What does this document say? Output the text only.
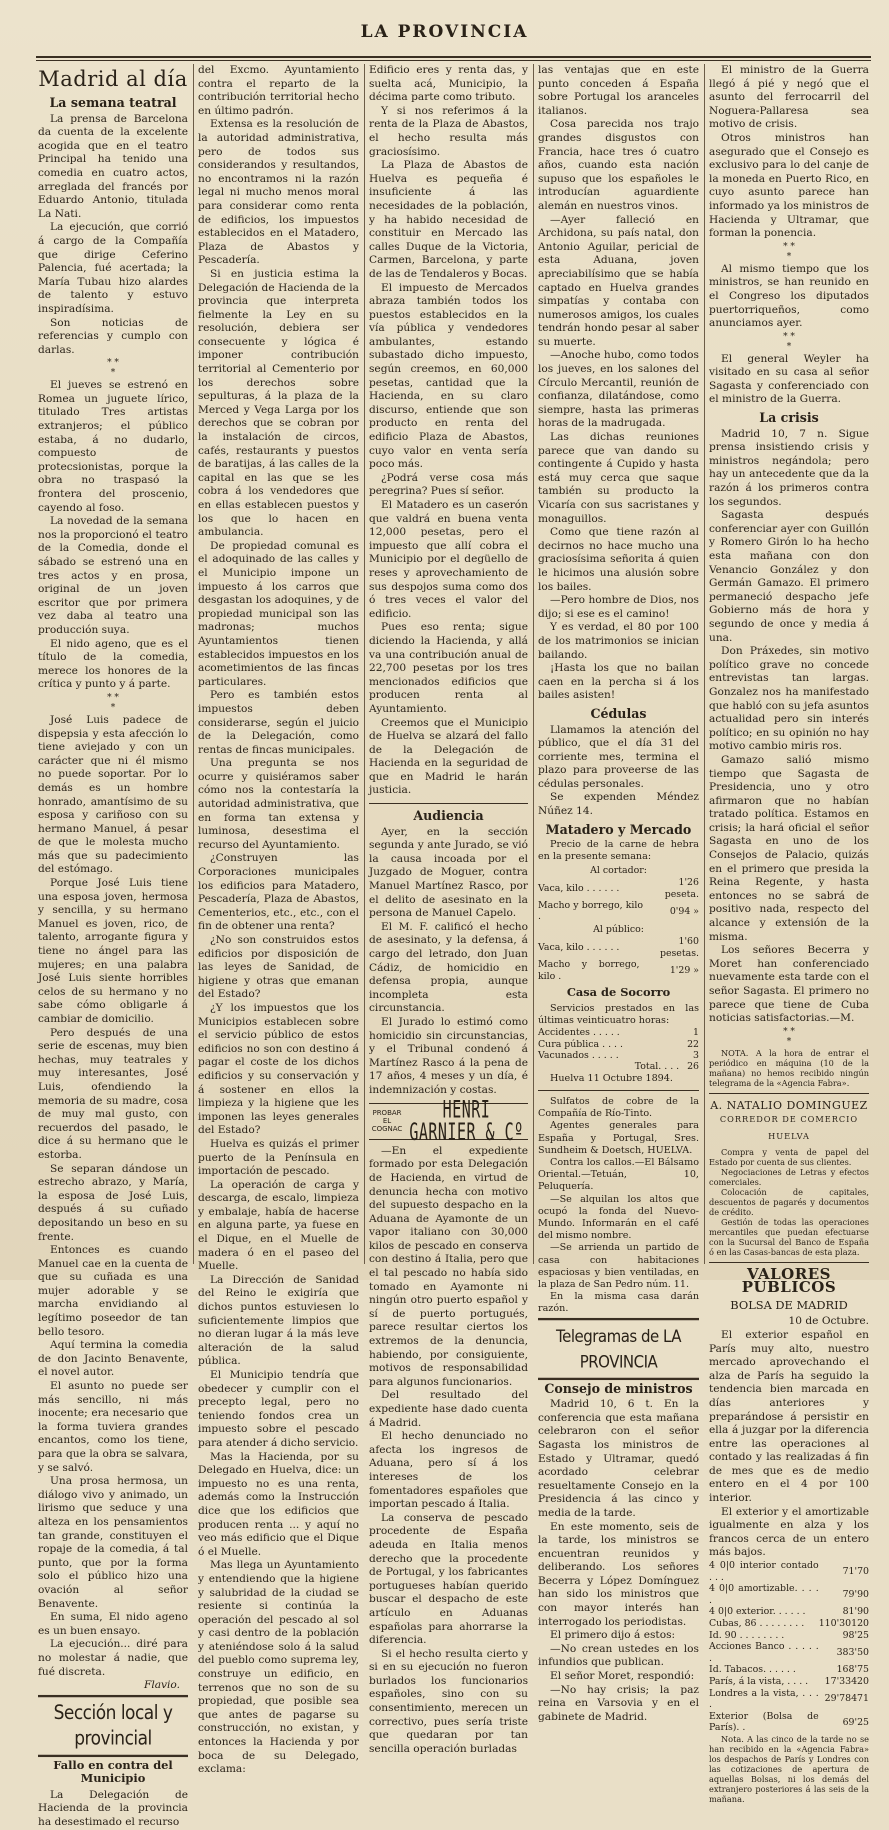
LA PROVINCIA
Madrid al día
La semana teatral

La prensa de Barcelona da cuenta de la excelente acogida que en el teatro Principal ha tenido una comedia en cuatro actos, arreglada del francés por Eduardo Antonio, titulada La Nati.

La ejecución, que corrió á cargo de la Compañía que dirige Ceferino Palencia, fué acertada; la María Tubau hizo alardes de talento y estuvo inspiradísima.

Son noticias de referencias y cumplo con darlas.

* *
*

El jueves se estrenó en Romea un juguete lírico, titulado Tres artistas extranjeros; el público estaba, á no dudarlo, compuesto de protecsionistas, porque la obra no traspasó la frontera del proscenio, cayendo al foso.

La novedad de la semana nos la proporcionó el teatro de la Comedia, donde el sábado se estrenó una en tres actos y en prosa, original de un joven escritor que por primera vez daba al teatro una producción suya.

El nido ageno, que es el título de la comedia, merece los honores de la crítica y punto y á parte.

* *
*

José Luis padece de dispepsia y esta afección lo tiene aviejado y con un carácter que ni él mismo no puede soportar. Por lo demás es un hombre honrado, amantísimo de su esposa y cariñoso con su hermano Manuel, á pesar de que le molesta mucho más que su padecimiento del estómago.

Porque José Luis tiene una esposa joven, hermosa y sencilla, y su hermano Manuel es joven, rico, de talento, arrogante figura y tiene no ángel para las mujeres; en una palabra José Luis siente horribles celos de su hermano y no sabe cómo obligarle á cambiar de domicilio.

Pero después de una serie de escenas, muy bien hechas, muy teatrales y muy interesantes, José Luis, ofendiendo la memoria de su madre, cosa de muy mal gusto, con recuerdos del pasado, le dice á su hermano que le estorba.

Se separan dándose un estrecho abrazo, y María, la esposa de José Luis, después á su cuñado depositando un beso en su frente.

Entonces es cuando Manuel cae en la cuenta de que su cuñada es una mujer adorable y se marcha envidiando al legítimo poseedor de tan bello tesoro.

Aquí termina la comedia de don Jacinto Benavente, el novel autor.

El asunto no puede ser más sencillo, ni más inocente; era necesario que la forma tuviera grandes encantos, como los tiene, para que la obra se salvara, y se salvó.

Una prosa hermosa, un diálogo vivo y animado, un lirismo que seduce y una alteza en los pensamientos tan grande, constituyen el ropaje de la comedia, á tal punto, que por la forma solo el público hizo una ovación al señor Benavente.

En suma, El nido ageno es un buen ensayo.

La ejecución... diré para no molestar á nadie, que fué discreta.

Flavio.
Sección local y provincial
Fallo en contra del Municipio

La Delegación de Hacienda de la provincia ha desestimado el recurso

del Excmo. Ayuntamiento contra el reparto de la contribución territorial hecho en último padrón.

Extensa es la resolución de la autoridad administrativa, pero de todos sus considerandos y resultandos, no encontramos ni la razón legal ni mucho menos moral para considerar como renta de edificios, los impuestos establecidos en el Matadero, Plaza de Abastos y Pescadería.

Si en justicia estima la Delegación de Hacienda de la provincia que interpreta fielmente la Ley en su resolución, debiera ser consecuente y lógica é imponer contribución territorial al Cementerio por los derechos sobre sepulturas, á la plaza de la Merced y Vega Larga por los derechos que se cobran por la instalación de circos, cafés, restaurants y puestos de baratijas, á las calles de la capital en las que se les cobra á los vendedores que en ellas establecen puestos y los que lo hacen en ambulancia.

De propiedad comunal es el adoquinado de las calles y el Municipio impone un impuesto á los carros que desgastan los adoquines, y de propiedad municipal son las madronas; muchos Ayuntamientos tienen establecidos impuestos en los acometimientos de las fincas particulares.

Pero es también estos impuestos deben considerarse, según el juicio de la Delegación, como rentas de fincas municipales.

Una pregunta se nos ocurre y quisiéramos saber cómo nos la contestaría la autoridad administrativa, que en forma tan extensa y luminosa, desestima el recurso del Ayuntamiento.

¿Construyen las Corporaciones municipales los edificios para Matadero, Pescadería, Plaza de Abastos, Cementerios, etc., etc., con el fin de obtener una renta?

¿No son construidos estos edificios por disposición de las leyes de Sanidad, de higiene y otras que emanan del Estado?

¿Y los impuestos que los Municipios establecen sobre el servicio público de estos edificios no son con destino á pagar el coste de los dichos edificios y su conservación y á sostener en ellos la limpieza y la higiene que les imponen las leyes generales del Estado?

Huelva es quizás el primer puerto de la Península en importación de pescado.

La operación de carga y descarga, de escalo, limpieza y embalaje, había de hacerse en alguna parte, ya fuese en el Dique, en el Muelle de madera ó en el paseo del Muelle.

La Dirección de Sanidad del Reino le exigiría que dichos puntos estuviesen lo suficientemente limpios que no dieran lugar á la más leve alteración de la salud pública.

El Municipio tendría que obedecer y cumplir con el precepto legal, pero no teniendo fondos crea un impuesto sobre el pescado para atender á dicho servicio.

Mas la Hacienda, por su Delegado en Huelva, dice: un impuesto no es una renta, además como la Instrucción dice que los edificios que producen renta ... y aquí no veo más edificio que el Dique ó el Muelle.

Mas llega un Ayuntamiento y entendiendo que la higiene y salubridad de la ciudad se resiente si continúa la operación del pescado al sol y casi dentro de la población y ateniéndose solo á la salud del pueblo como suprema ley, construye un edificio, en terrenos que no son de su propiedad, que posible sea que antes de pagarse su construcción, no existan, y entonces la Hacienda y por boca de su Delegado, exclama:

Edificio eres y renta das, y suelta acá, Municipio, la décima parte como tributo.

Y si nos referimos á la renta de la Plaza de Abastos, el hecho resulta más graciosísimo.

La Plaza de Abastos de Huelva es pequeña é insuficiente á las necesidades de la población, y ha habido necesidad de constituir en Mercado las calles Duque de la Victoria, Carmen, Barcelona, y parte de las de Tendaleros y Bocas.

El impuesto de Mercados abraza también todos los puestos establecidos en la vía pública y vendedores ambulantes, estando subastado dicho impuesto, según creemos, en 60,000 pesetas, cantidad que la Hacienda, en su claro discurso, entiende que son producto en renta del edificio Plaza de Abastos, cuyo valor en venta sería poco más.

¿Podrá verse cosa más peregrina? Pues sí señor.

El Matadero es un caserón que valdrá en buena venta 12,000 pesetas, pero el impuesto que allí cobra el Municipio por el degüello de reses y aprovechamiento de sus despojos suma como dos ó tres veces el valor del edificio.

Pues eso renta; sigue diciendo la Hacienda, y allá va una contribución anual de 22,700 pesetas por los tres mencionados edificios que producen renta al Ayuntamiento.

Creemos que el Municipio de Huelva se alzará del fallo de la Delegación de Hacienda en la seguridad de que en Madrid le harán justicia.

Audiencia

Ayer, en la sección segunda y ante Jurado, se vió la causa incoada por el Juzgado de Moguer, contra Manuel Martínez Rasco, por el delito de asesinato en la persona de Manuel Capelo.

El M. F. calificó el hecho de asesinato, y la defensa, á cargo del letrado, don Juan Cádiz, de homicidio en defensa propia, aunque incompleta esta circunstancia.

El Jurado lo estimó como homicidio sin circunstancias, y el Tribunal condenó á Martínez Rasco á la pena de 17 años, 4 meses y un día, é indemnización y costas.

PROBAR EL COGNAC
HENRI GARNIER & Cº

—En el expediente formado por esta Delegación de Hacienda, en virtud de denuncia hecha con motivo del supuesto despacho en la Aduana de Ayamonte de un vapor italiano con 30,000 kilos de pescado en conserva con destino á Italia, pero que el tal pescado no había sido tomado en Ayamonte ni ningún otro puerto español y sí de puerto portugués, parece resultar ciertos los extremos de la denuncia, habiendo, por consiguiente, motivos de responsabilidad para algunos funcionarios.

Del resultado del expediente hase dado cuenta á Madrid.

El hecho denunciado no afecta los ingresos de Aduana, pero sí á los intereses de los fomentadores españoles que importan pescado á Italia.

La conserva de pescado procedente de España adeuda en Italia menos derecho que la procedente de Portugal, y los fabricantes portugueses habían querido buscar el despacho de este artículo en Aduanas españolas para ahorrarse la diferencia.

Si el hecho resulta cierto y si en su ejecución no fueron burlados los funcionarios españoles, sino con su consentimiento, merecen un correctivo, pues sería triste que quedaran por tan sencilla operación burladas

las ventajas que en este punto conceden á España sobre Portugal los aranceles italianos.

Cosa parecida nos trajo grandes disgustos con Francia, hace tres ó cuatro años, cuando esta nación supuso que los españoles le introducían aguardiente alemán en nuestros vinos.

—Ayer falleció en Archidona, su país natal, don Antonio Aguilar, pericial de esta Aduana, joven apreciabilísimo que se había captado en Huelva grandes simpatías y contaba con numerosos amigos, los cuales tendrán hondo pesar al saber su muerte.

—Anoche hubo, como todos los jueves, en los salones del Círculo Mercantil, reunión de confianza, dilatándose, como siempre, hasta las primeras horas de la madrugada.

Las dichas reuniones parece que van dando su contingente á Cupido y hasta está muy cerca que saque también su producto la Vicaría con sus sacristanes y monaguillos.

Como que tiene razón al decirnos no hace mucho una graciosísima señorita á quien le hicimos una alusión sobre los bailes.

—Pero hombre de Dios, nos dijo; si ese es el camino!

Y es verdad, el 80 por 100 de los matrimonios se inician bailando.

¡Hasta los que no bailan caen en la percha si á los bailes asisten!

Cédulas

Llamamos la atención del público, que el día 31 del corriente mes, termina el plazo para proveerse de las cédulas personales.

Se expenden Méndez Núñez 14.

Matadero y Mercado

Precio de la carne de hebra en la presente semana:

Al cortador:
Vaca, kilo . . . . . .	1'26 peseta.
Macho y borrego, kilo .	0'94 »
Al público:
Vaca, kilo . . . . . .	1'60 pesetas.
Macho y borrego, kilo .	1'29 »
Casa de Socorro

Servicios prestados en las últimas veinticuatro horas:

Accidentes . . . . .	1
Cura pública . . . .	22
Vacunados . . . . .	3
Total. . . .	26

Huelva 11 Octubre 1894.

Sulfatos de cobre de la Compañía de Río-Tinto.

Agentes generales para España y Portugal, Sres. Sundheim & Doetsch, HUELVA.

Contra los callos.—El Bálsamo Oriental.—Tetuán, 10, Peluquería.

—Se alquilan los altos que ocupó la fonda del Nuevo-Mundo. Informarán en el café del mismo nombre.

—Se arrienda un partido de casa con habitaciones espaciosas y bien ventiladas, en la plaza de San Pedro núm. 11.

En la misma casa darán razón.

Telegramas de LA PROVINCIA
Consejo de ministros

Madrid 10, 6 t. En la conferencia que esta mañana celebraron con el señor Sagasta los ministros de Estado y Ultramar, quedó acordado celebrar resueltamente Consejo en la Presidencia á las cinco y media de la tarde.

En este momento, seis de la tarde, los ministros se encuentran reunidos y deliberando. Los señores Becerra y López Domínguez han sido los ministros que con mayor interés han interrogado los periodistas.

El primero dijo á estos:

—No crean ustedes en los infundios que publican.

El señor Moret, respondió:

—No hay crisis; la paz reina en Varsovia y en el gabinete de Madrid.

El ministro de la Guerra llegó á pié y negó que el asunto del ferrocarril del Noguera-Pallaresa sea motivo de crisis.

Otros ministros han asegurado que el Consejo es exclusivo para lo del canje de la moneda en Puerto Rico, en cuyo asunto parece han informado ya los ministros de Hacienda y Ultramar, que forman la ponencia.

* *
*

Al mismo tiempo que los ministros, se han reunido en el Congreso los diputados puertorriqueños, como anunciamos ayer.

* *
*

El general Weyler ha visitado en su casa al señor Sagasta y conferenciado con el ministro de la Guerra.

La crisis

Madrid 10, 7 n. Sigue prensa insistiendo crisis y ministros negándola; pero hay un antecedente que da la razón á los primeros contra los segundos.

Sagasta después conferenciar ayer con Guillón y Romero Girón lo ha hecho esta mañana con don Venancio González y don Germán Gamazo. El primero permaneció despacho jefe Gobierno más de hora y segundo de once y media á una.

Don Práxedes, sin motivo político grave no concede entrevistas tan largas. Gonzalez nos ha manifestado que habló con su jefa asuntos actualidad pero sin interés político; en su opinión no hay motivo cambio miris ros.

Gamazo salió mismo tiempo que Sagasta de Presidencia, uno y otro afirmaron que no habían tratado política. Estamos en crisis; la hará oficial el señor Sagasta en uno de los Consejos de Palacio, quizás en el primero que presida la Reina Regente, y hasta entonces no se sabrá de positivo nada, respecto del alcance y extensión de la misma.

Los señores Becerra y Moret han conferenciado nuevamente esta tarde con el señor Sagasta. El primero no parece que tiene de Cuba noticias satisfactorias.—M.

* *
*

NOTA. A la hora de entrar el periódico en máquina (10 de la mañana) no hemos recibido ningún telegrama de la «Agencia Fabra».

A. NATALIO DOMINGUEZ
CORREDOR DE COMERCIO
HUELVA

Compra y venta de papel del Estado por cuenta de sus clientes.

Negociaciones de Letras y efectos comerciales.

Colocación de capitales, descuentos de pagarés y documentos de crédito.

Gestión de todas las operaciones mercantiles que puedan efectuarse con la Sucursal del Banco de España ó en las Casas-bancas de esta plaza.

VALORES PUBLICOS
BOLSA DE MADRID
10 de Octubre.

El exterior español en París muy alto, nuestro mercado aprovechando el alza de París ha seguido la tendencia bien marcada en días anteriores y preparándose á persistir en ella á juzgar por la diferencia entre las operaciones al contado y las realizadas á fin de mes que es de medio entero en el 4 por 100 interior.

El exterior y el amortizable igualmente en alza y los francos cerca de un entero más bajos.

4 0|0 interior contado . . .	71'70
4 0|0 amortizable. . . . .	79'90
4 0|0 exterior. . . . . .	81'90
Cubas, 86 . . . . . . . .	110'30120
Id. 90 . . . . . . . .	98'25
Acciones Banco . . . . . .	383'50
Id. Tabacos. . . . . .	168'75
París, á la vista, . . . .	17'33420
Londres a la vista, . . . .	29'78471
Exterior (Bolsa de París). .	69'25

Nota. A las cinco de la tarde no se han recibido en la «Agencia Fabra» los despachos de París y Londres con las cotizaciones de apertura de aquellas Bolsas, ni los demás del extranjero posteriores á las seis de la mañana.
